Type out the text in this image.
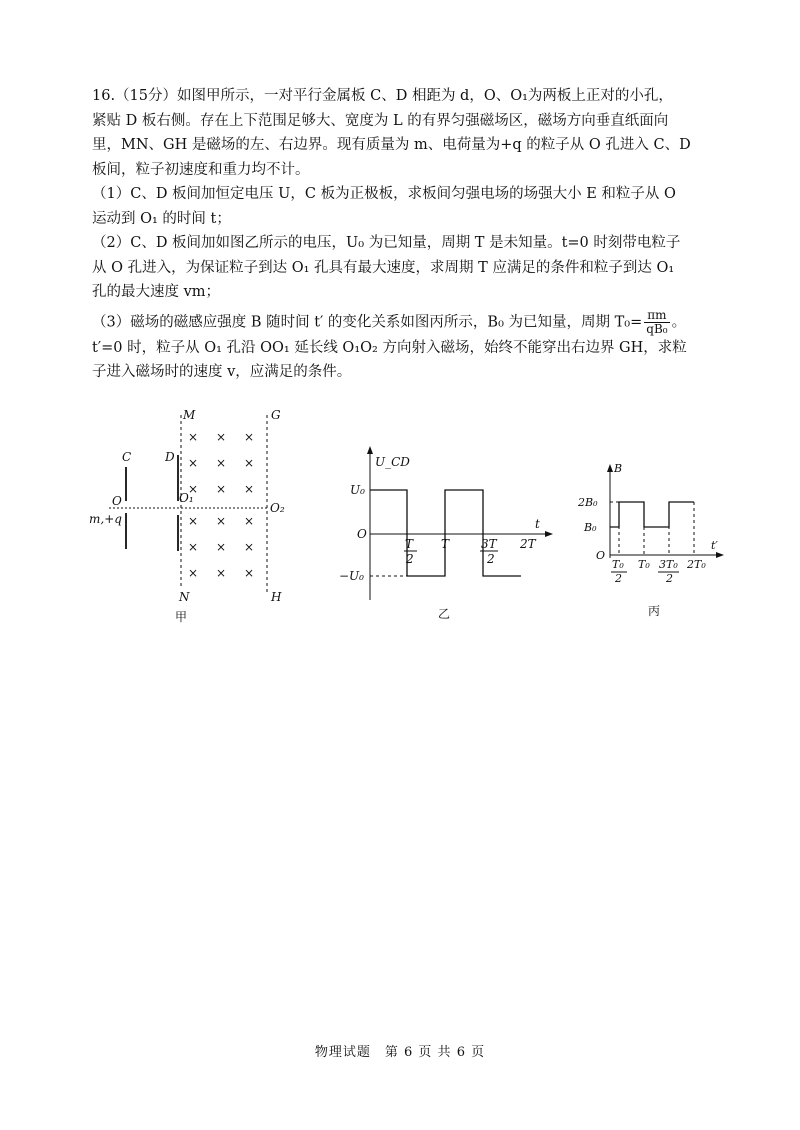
16.（15分）如图甲所示，一对平行金属板 C、D 相距为 d，O、O₁为两板上正对的小孔，

紧贴 D 板右侧。存在上下范围足够大、宽度为 L 的有界匀强磁场区，磁场方向垂直纸面向

里，MN、GH 是磁场的左、右边界。现有质量为 m、电荷量为+q 的粒子从 O 孔进入 C、D

板间，粒子初速度和重力均不计。

（1）C、D 板间加恒定电压 U，C 板为正极板，求板间匀强电场的场强大小 E 和粒子从 O

运动到 O₁ 的时间 t；

（2）C、D 板间加如图乙所示的电压，U₀ 为已知量，周期 T 是未知量。t=0 时刻带电粒子

从 O 孔进入，为保证粒子到达 O₁ 孔具有最大速度，求周期 T 应满足的条件和粒子到达 O₁

孔的最大速度 vm；

（3）磁场的磁感应强度 B 随时间 t′ 的变化关系如图丙所示，B₀ 为已知量，周期 $T_0= \frac{\pi m}{\text{qB₀}}$ 。

t′=0 时，粒子从 O₁ 孔沿 OO₁ 延长线 O₁O₂ 方向射入磁场，始终不能穿出右边界 GH，求粒

子进入磁场时的速度 v，应满足的条件。

× × ×
× × ×
× × ×
× × ×
× × ×
× × ×
M	G
C	D
O	O₁
O₂
m,+q
N	H
甲
U_CD
t
U₀
O
−U₀
T
2
T	3T
2
2T
乙
B
t′
2B₀
B₀
O
T₀
2
T₀ 3T₀
2
2T₀
丙
物理试题　第 6 页 共 6 页
